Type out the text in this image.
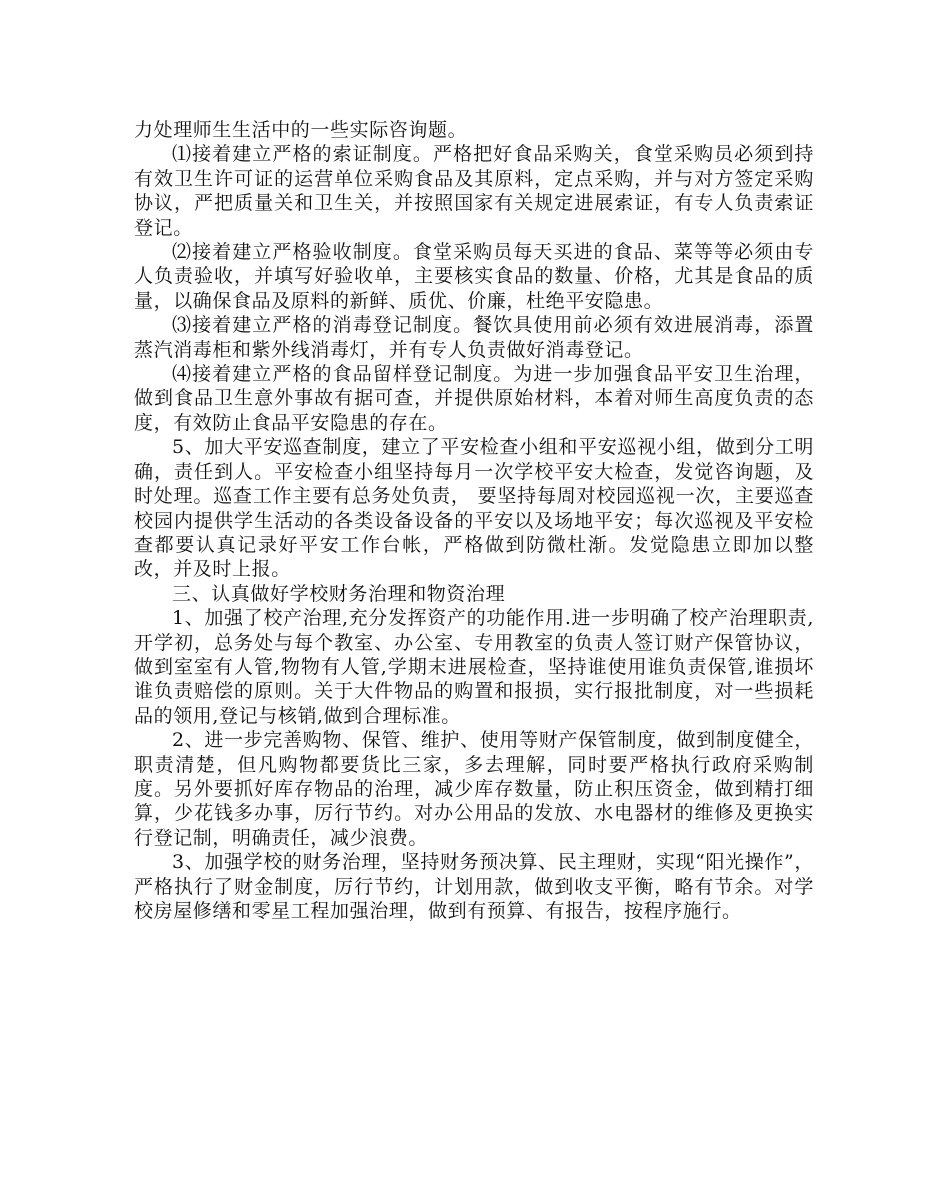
力处理师生生活中的一些实际咨询题。

⑴接着建立严格的索证制度。严格把好食品采购关，食堂采购员必须到持有效卫生许可证的运营单位采购食品及其原料，定点采购，并与对方签定采购协议，严把质量关和卫生关，并按照国家有关规定进展索证，有专人负责索证登记。

⑵接着建立严格验收制度。食堂采购员每天买进的食品、菜等等必须由专人负责验收，并填写好验收单，主要核实食品的数量、价格，尤其是食品的质量，以确保食品及原料的新鲜、质优、价廉，杜绝平安隐患。

⑶接着建立严格的消毒登记制度。餐饮具使用前必须有效进展消毒，添置蒸汽消毒柜和紫外线消毒灯，并有专人负责做好消毒登记。

⑷接着建立严格的食品留样登记制度。为进一步加强食品平安卫生治理，做到食品卫生意外事故有据可查，并提供原始材料，本着对师生高度负责的态度，有效防止食品平安隐患的存在。

5、加大平安巡查制度，建立了平安检查小组和平安巡视小组，做到分工明确，责任到人。平安检查小组坚持每月一次学校平安大检查，发觉咨询题，及时处理。巡查工作主要有总务处负责， 要坚持每周对校园巡视一次，主要巡查校园内提供学生活动的各类设备设备的平安以及场地平安；每次巡视及平安检查都要认真记录好平安工作台帐，严格做到防微杜渐。发觉隐患立即加以整改，并及时上报。

三、认真做好学校财务治理和物资治理

1、加强了校产治理,充分发挥资产的功能作用.进一步明确了校产治理职责,开学初，总务处与每个教室、办公室、专用教室的负责人签订财产保管协议，做到室室有人管,物物有人管,学期末进展检查，坚持谁使用谁负责保管,谁损坏谁负责赔偿的原则。关于大件物品的购置和报损，实行报批制度，对一些损耗品的领用,登记与核销,做到合理标准。

2、进一步完善购物、保管、维护、使用等财产保管制度，做到制度健全，职责清楚，但凡购物都要货比三家，多去理解，同时要严格执行政府采购制度。另外要抓好库存物品的治理，减少库存数量，防止积压资金，做到精打细算，少花钱多办事，厉行节约。对办公用品的发放、水电器材的维修及更换实行登记制，明确责任，减少浪费。

3、加强学校的财务治理，坚持财务预决算、民主理财，实现“阳光操作”，严格执行了财金制度，厉行节约，计划用款，做到收支平衡，略有节余。对学校房屋修缮和零星工程加强治理，做到有预算、有报告，按程序施行。
